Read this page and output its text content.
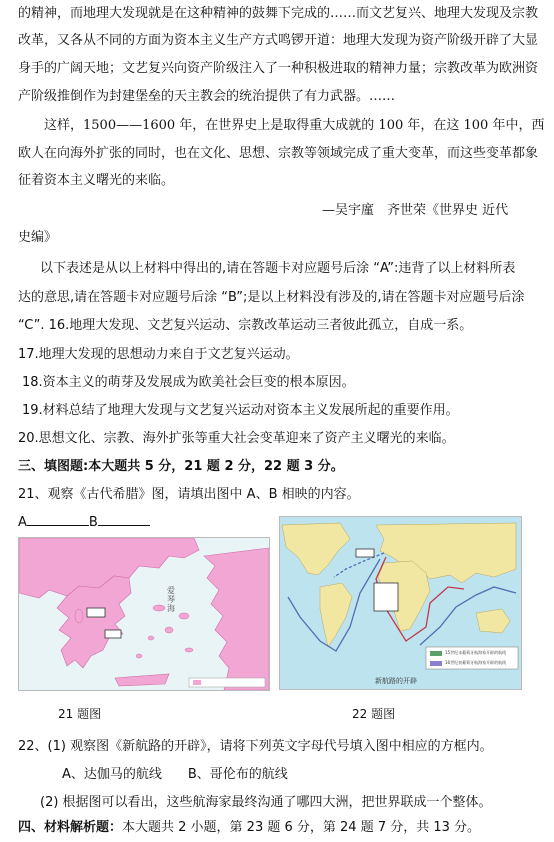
的精神，而地理大发现就是在这种精神的鼓舞下完成的……而文艺复兴、地理大发现及宗教

改革，又各从不同的方面为资本主义生产方式鸣锣开道：地理大发现为资产阶级开辟了大显

身手的广阔天地；文艺复兴向资产阶级注入了一种积极进取的精神力量；宗教改革为欧洲资

产阶级推倒作为封建堡垒的天主教会的统治提供了有力武器。……

这样，1500——1600 年，在世界史上是取得重大成就的 100 年，在这 100 年中，西

欧人在向海外扩张的同时，也在文化、思想、宗教等领域完成了重大变革，而这些变革都象

征着资本主义曙光的来临。

—吴宇廑　齐世荣《世界史 近代

史编》

以下表述是从以上材料中得出的,请在答题卡对应题号后涂 “A”:违背了以上材料所表

达的意思,请在答题卡对应题号后涂 “B”;是以上材料没有涉及的,请在答题卡对应题号后涂

“C”. 16.地理大发现、文艺复兴运动、宗教改革运动三者彼此孤立，自成一系。

17.地理大发现的思想动力来自于文艺复兴运动。

18.资本主义的萌芽及发展成为欧美社会巨变的根本原因。

19.材料总结了地理大发现与文艺复兴运动对资本主义发展所起的重要作用。

20.思想文化、宗教、海外扩张等重大社会变革迎来了资产主义曙光的来临。

三、填图题:本大题共 5 分，21 题 2 分，22 题 3 分。

21、观察《古代希腊》图，请填出图中 A、B 相映的内容。

A	B
爱琴海
15世纪末葡萄牙航海家开辟的航线
16世纪初葡萄牙航海家开辟的航线
新航路的开辟
21 题图	22 题图

22、(1) 观察图《新航路的开辟》，请将下列英文字母代号填入图中相应的方框内。

A、达伽马的航线　　B、哥伦布的航线

(2) 根据图可以看出，这些航海家最终沟通了哪四大洲，把世界联成一个整体。

四、材料解析题：本大题共 2 小题，第 23 题 6 分，第 24 题 7 分，共 13 分。
